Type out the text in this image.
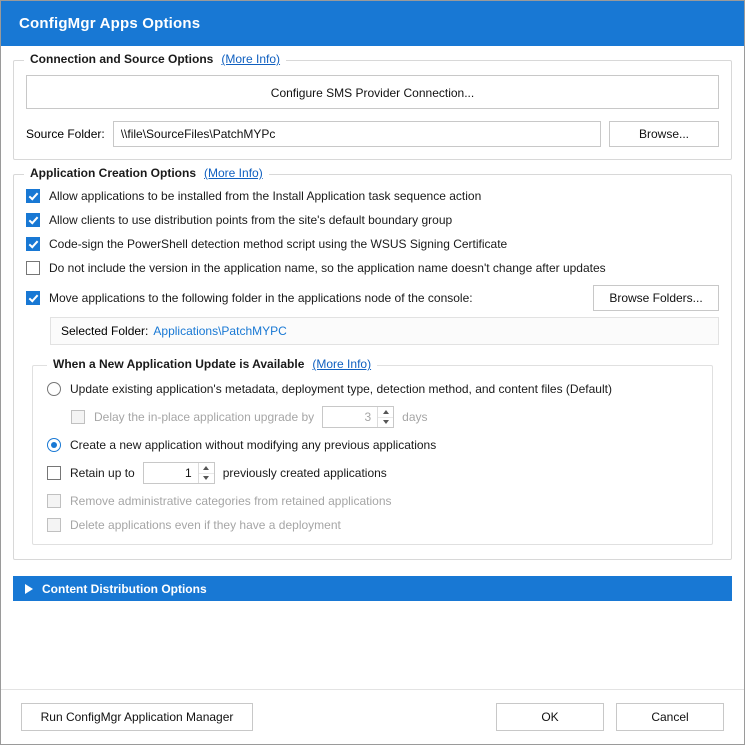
ConfigMgr Apps Options
Connection and Source Options (More Info)
Configure SMS Provider Connection...
Source Folder:
\\file\SourceFiles\PatchMYPc	Browse...
Application Creation Options (More Info)
Allow applications to be installed from the Install Application task sequence action
Allow clients to use distribution points from the site's default boundary group
Code-sign the PowerShell detection method script using the WSUS Signing Certificate
Do not include the version in the application name, so the application name doesn't change after updates
Move applications to the following folder in the applications node of the console:	Browse Folders...
Selected Folder: Applications\PatchMYPC
When a New Application Update is Available (More Info)
Update existing application's metadata, deployment type, detection method, and content files (Default)
Delay the in-place application upgrade by
3	days
Create a new application without modifying any previous applications
Retain up to
1	previously created applications
Remove administrative categories from retained applications
Delete applications even if they have a deployment
Content Distribution Options
Run ConfigMgr Application Manager	OK	Cancel
